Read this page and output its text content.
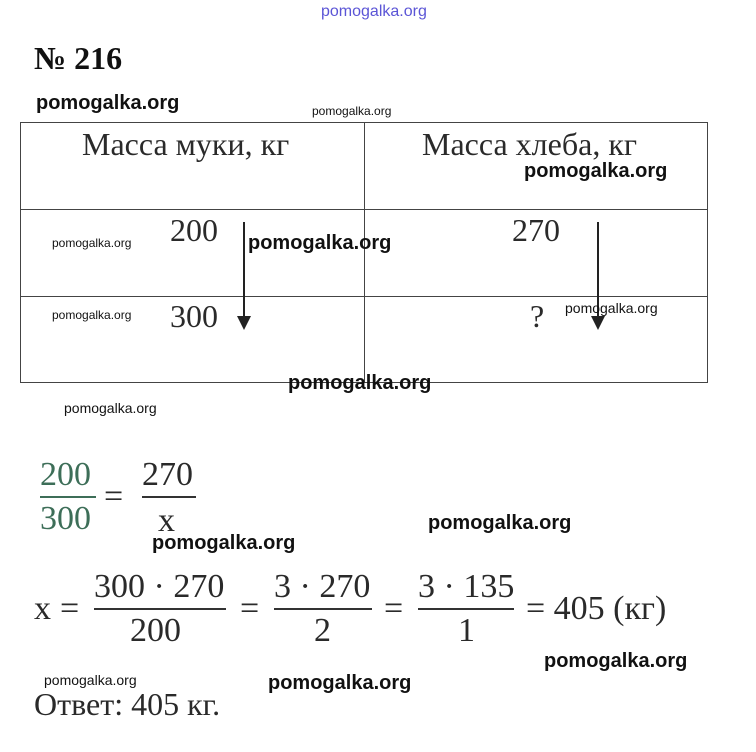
pomogalka.org
pomogalka.org	pomogalka.org
№ 216

Масса муки, кг	Масса хлеба, кг
200	270
300	?
pomogalka.org
pomogalka.org	pomogalka.org
pomogalka.org	pomogalka.org
pomogalka.org
pomogalka.org
200
300
=
270
x	pomogalka.org
pomogalka.org
x =
300 · 270
200
=
3 · 270
2
=
3 · 135
1
= 405 (кг)
pomogalka.org
pomogalka.org	pomogalka.org
Ответ: 405 кг.
